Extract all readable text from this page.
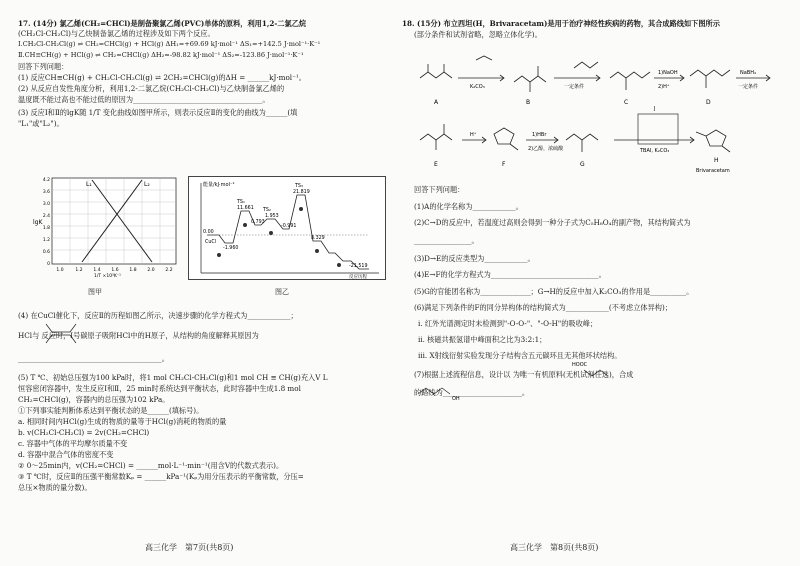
17. (14分) 氯乙烯(CH₂=CHCl)是制备聚氯乙烯(PVC)单体的原料，利用1,2-二氯乙烷
(CH₂Cl-CH₂Cl)与乙炔制备氯乙烯的过程涉及如下两个反应。
Ⅰ.CH₂Cl-CH₂Cl(g) ⇌ CH₂=CHCl(g) + HCl(g) ΔH₁=+69.69 kJ·mol⁻¹ ΔS₁=+142.5 J·mol⁻¹·K⁻¹
Ⅱ.CH≡CH(g) + HCl(g) ⇌ CH₂=CHCl(g) ΔH₂=-98.82 kJ·mol⁻¹ ΔS₂=-123.86 J·mol⁻¹·K⁻¹
回答下列问题：
(1) 反应CH≡CH(g) + CH₂Cl-CH₂Cl(g) ⇌ 2CH₂=CHCl(g)的ΔH = ______kJ·mol⁻¹。
(2) 从反应自发性角度分析，利用1,2-二氯乙烷(CH₂Cl-CH₂Cl)与乙炔制备氯乙烯的
温度既不能过高也不能过低的原因为____________________________________。
(3) 反应Ⅰ和Ⅱ的lgK随 1/T 变化曲线如图甲所示，则表示反应Ⅱ的变化的曲线为______(填
"L₁"或"L₂")。
L₁	L₂
lgK
4.2
3.6
3.0
2.4
1.8
1.2
0.6
0
1.0	1.2 1.4 1.6 1.8 2.0 2.2
1/T ×10³K⁻¹
图甲
能量/kJ·mol⁻¹
反应历程
0.00
CuCl
-1.960
TS₁
11.661
0.793
TS₂
1.953
-0.991
TS₃
21.819
8.329
-21.519
图乙
(4) 在CuCl催化下，反应Ⅱ的历程如图乙所示，决速步骤的化学方程式为____________；
HCl与 反应时，Ⅰ号碳原子吸附HCl中的H原子，从结构的角度解释其原因为
________________________________________。
(5) T ℃、初始总压强为100 kPa时，将1 mol CH₂Cl-CH₂Cl(g)和1 mol CH ≡ CH(g)充入V L
恒容密闭容器中，发生反应Ⅰ和Ⅱ，25 min时系统达到平衡状态，此时容器中生成1.8 mol
CH₂=CHCl(g)，容器内的总压强为102 kPa。
①下列事实能判断体系达到平衡状态的是______(填标号)。
a. 相同时间内HCl(g)生成的物质的量等于HCl(g)消耗的物质的量
b. v(CH₂Cl-CH₂Cl) = 2v(CH₂=CHCl)
c. 容器中气体的平均摩尔质量不变
d. 容器中混合气体的密度不变
② 0～25min内，v(CH₂=CHCl) = ______mol·L⁻¹·min⁻¹(用含V的代数式表示)。
③ T ℃时，反应Ⅱ的压强平衡常数Kₚ = ______kPa⁻¹(Kₚ为用分压表示的平衡常数，分压=
总压×物质的量分数)。
高三化学　第7页(共8页)
18. (15分) 布立西坦(H，Brivaracetam)是用于治疗神经性疾病的药物，其合成路线如下图所示
(部分条件和试剂省略，忽略立体化学)。
K₂CO₃	一定条件
1)NaOH
2)H⁺
NaBH₄
一定条件
H⁺	1)HBr
2)乙醇，浓硫酸	TBAI, K₂CO₃
J
A	B	C	D
E	F	G
H
Brivaracetam
回答下列问题：
(1)A的化学名称为____________。
(2)C→D的反应中，若温度过高则会得到一种分子式为C₅H₈O₄的副产物，其结构简式为
________________。
(3)D→E的反应类型为____________。
(4)E→F的化学方程式为______________________________。
(5)G的官能团名称为______________；G→H的反应中加入K₂CO₃的作用是__________。
(6)满足下列条件的F的同分异构体的结构简式为____________(不考虑立体异构)；
i. 红外光谱测定时未检测到"-O-O-"、"-O-H"的吸收峰；
ii. 核磁共振氢谱中峰面积之比为3:2:1；
iii. X射线衍射实验发现分子结构含五元碳环且无其他环状结构。
(7)根据上述流程信息，设计以 为唯一有机原料(无机试剂任选)，合成
的路线为______________________。
HOOC
OH
高三化学　第8页(共8页)
